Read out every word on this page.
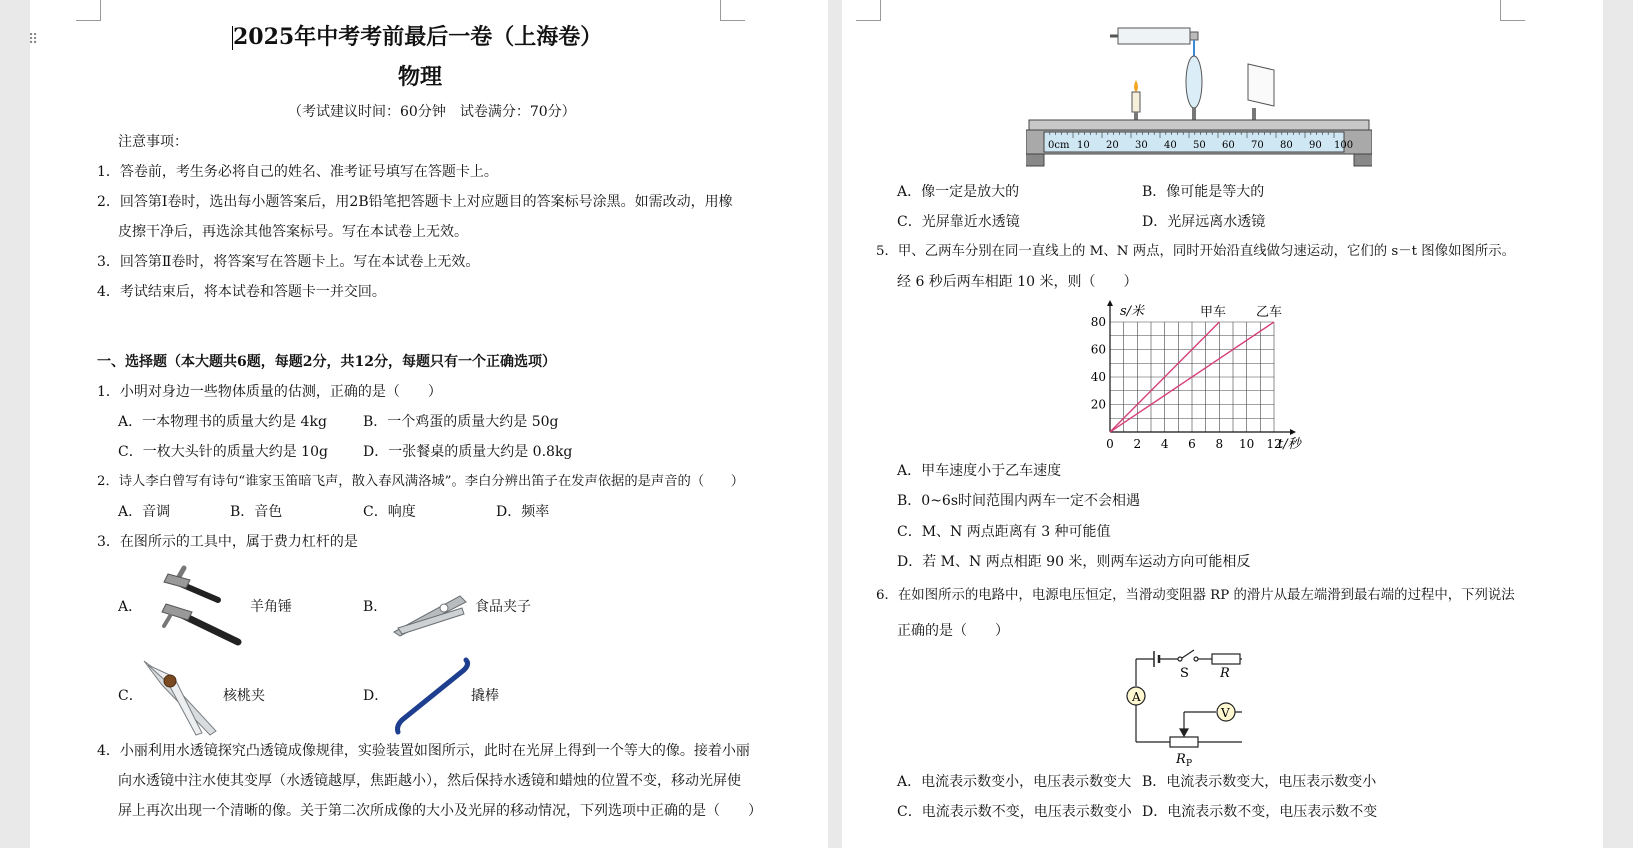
2025年中考考前最后一卷（上海卷）
物理
（考试建议时间：60分钟　试卷满分：70分）
注意事项：
1．答卷前，考生务必将自己的姓名、准考证号填写在答题卡上。
2．回答第Ⅰ卷时，选出每小题答案后，用2B铅笔把答题卡上对应题目的答案标号涂黑。如需改动，用橡
皮擦干净后，再选涂其他答案标号。写在本试卷上无效。
3．回答第Ⅱ卷时，将答案写在答题卡上。写在本试卷上无效。
4．考试结束后，将本试卷和答题卡一并交回。
一、选择题（本大题共6题，每题2分，共12分，每题只有一个正确选项）
1．小明对身边一些物体质量的估测，正确的是（　　）
A．一本物理书的质量大约是 4kg	B．一个鸡蛋的质量大约是 50g
C．一枚大头针的质量大约是 10g	D．一张餐桌的质量大约是 0.8kg
2．诗人李白曾写有诗句“谁家玉笛暗飞声，散入春风满洛城”。李白分辨出笛子在发声依据的是声音的（　　）
A．音调	B．音色	C．响度	D．频率
3．在图所示的工具中，属于费力杠杆的是
A．	羊角锤	B．	食品夹子
C．	核桃夹	D．	撬棒
4．小丽利用水透镜探究凸透镜成像规律，实验装置如图所示，此时在光屏上得到一个等大的像。接着小丽
向水透镜中注水使其变厚（水透镜越厚，焦距越小），然后保持水透镜和蜡烛的位置不变，移动光屏使
屏上再次出现一个清晰的像。关于第二次所成像的大小及光屏的移动情况，下列选项中正确的是（　　）
⠿
0cm 10 20 30 40 50 60 70 80 90 100
A．像一定是放大的	B．像可能是等大的
C．光屏靠近水透镜	D．光屏远离水透镜
5．甲、乙两车分别在同一直线上的 M、N 两点，同时开始沿直线做匀速运动，它们的 s－t 图像如图所示。
经 6 秒后两车相距 10 米，则（　　）
0 2 4 6 8 10 12
20
40
60
80
s/米
t/秒
甲车 乙车
A．甲车速度小于乙车速度
B．0~6s时间范围内两车一定不会相遇
C．M、N 两点距离有 3 种可能值
D．若 M、N 两点相距 90 米，则两车运动方向可能相反
6．在如图所示的电路中，电源电压恒定，当滑动变阻器 RP 的滑片从最左端滑到最右端的过程中，下列说法
正确的是（　　）
S R
A
V
R P
A．电流表示数变小，电压表示数变大 B．电流表示数变大，电压表示数变小
C．电流表示数不变，电压表示数变小 D．电流表示数不变，电压表示数不变
